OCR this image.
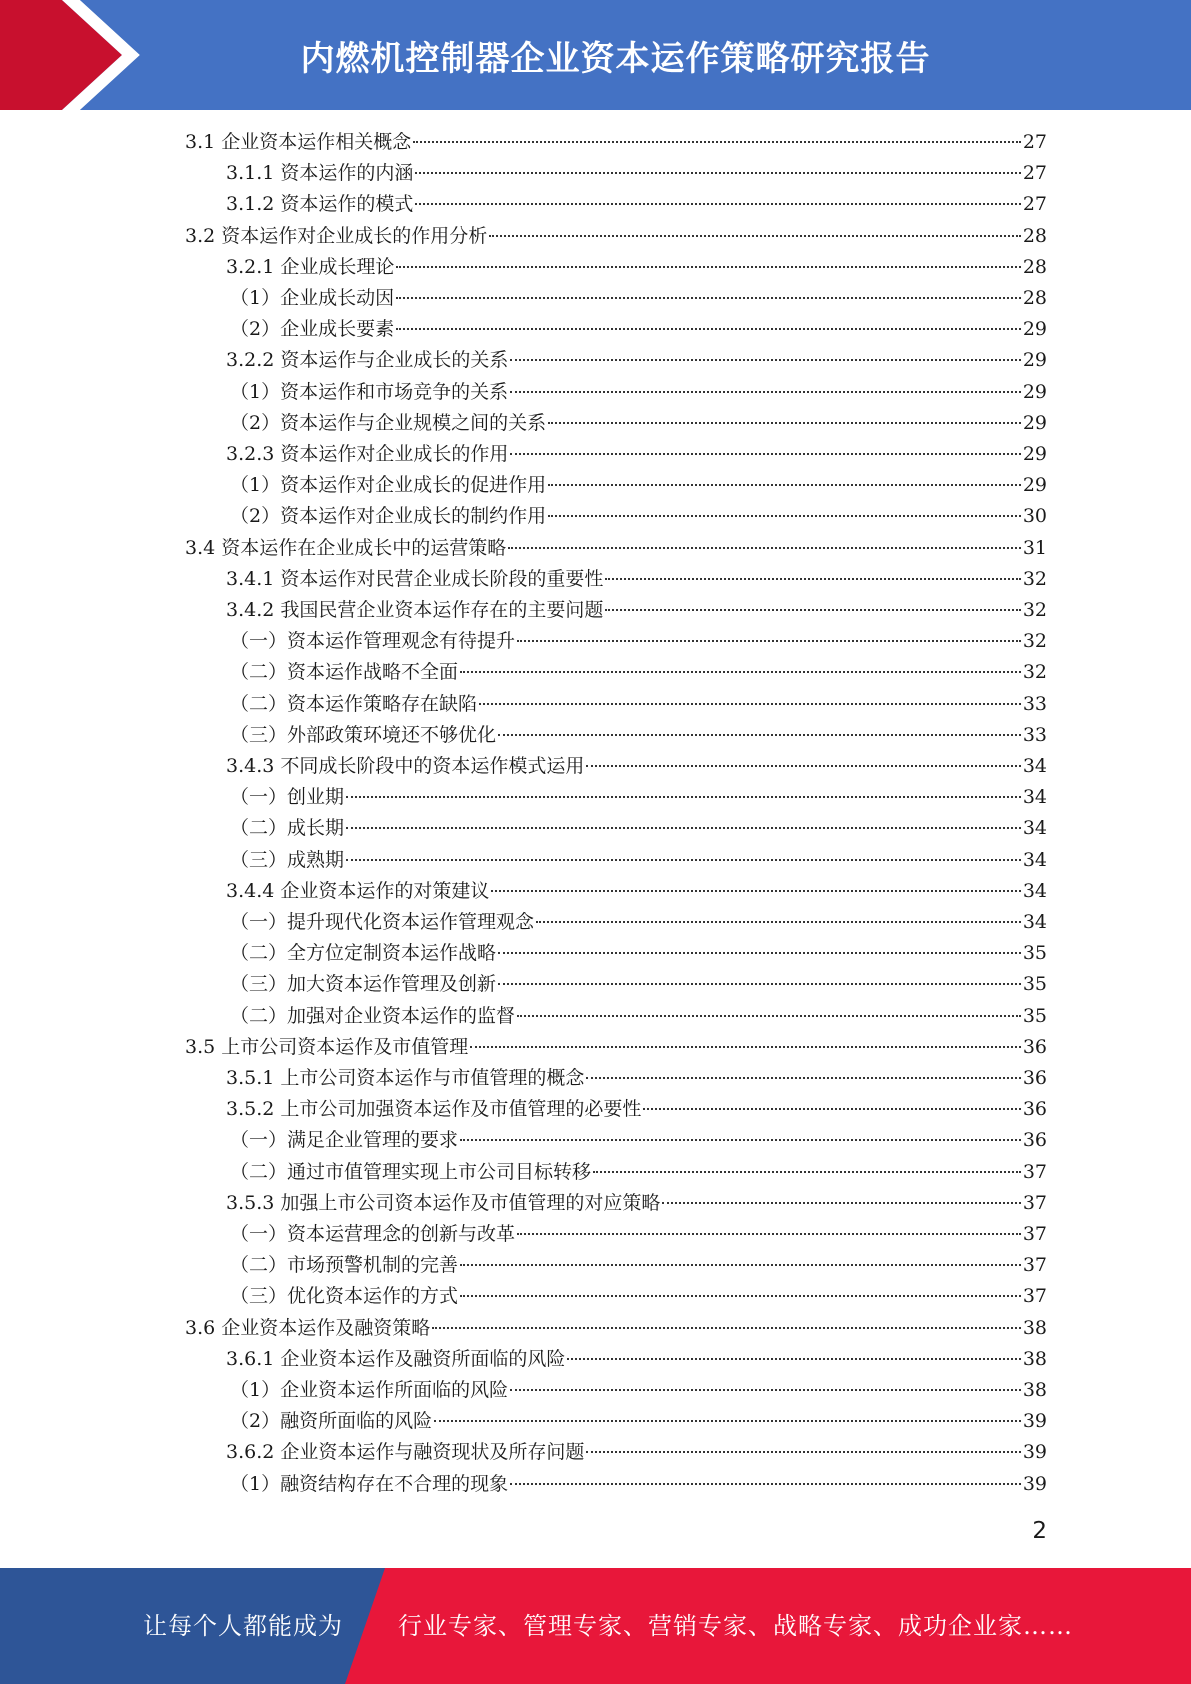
内燃机控制器企业资本运作策略研究报告
3.1 企业资本运作相关概念	27
3.1.1 资本运作的内涵	27
3.1.2 资本运作的模式	27
3.2 资本运作对企业成长的作用分析	28
3.2.1 企业成长理论	28
（1）企业成长动因	28
（2）企业成长要素	29
3.2.2 资本运作与企业成长的关系	29
（1）资本运作和市场竞争的关系	29
（2）资本运作与企业规模之间的关系	29
3.2.3 资本运作对企业成长的作用	29
（1）资本运作对企业成长的促进作用	29
（2）资本运作对企业成长的制约作用	30
3.4 资本运作在企业成长中的运营策略	31
3.4.1 资本运作对民营企业成长阶段的重要性	32
3.4.2 我国民营企业资本运作存在的主要问题	32
（一）资本运作管理观念有待提升	32
（二）资本运作战略不全面	32
（二）资本运作策略存在缺陷	33
（三）外部政策环境还不够优化	33
3.4.3 不同成长阶段中的资本运作模式运用	34
（一）创业期	34
（二）成长期	34
（三）成熟期	34
3.4.4 企业资本运作的对策建议	34
（一）提升现代化资本运作管理观念	34
（二）全方位定制资本运作战略	35
（三）加大资本运作管理及创新	35
（二）加强对企业资本运作的监督	35
3.5 上市公司资本运作及市值管理	36
3.5.1 上市公司资本运作与市值管理的概念	36
3.5.2 上市公司加强资本运作及市值管理的必要性	36
（一）满足企业管理的要求	36
（二）通过市值管理实现上市公司目标转移	37
3.5.3 加强上市公司资本运作及市值管理的对应策略	37
（一）资本运营理念的创新与改革	37
（二）市场预警机制的完善	37
（三）优化资本运作的方式	37
3.6 企业资本运作及融资策略	38
3.6.1 企业资本运作及融资所面临的风险	38
（1）企业资本运作所面临的风险	38
（2）融资所面临的风险	39
3.6.2 企业资本运作与融资现状及所存问题	39
（1）融资结构存在不合理的现象	39
2
让每个人都能成为 行业专家、管理专家、营销专家、战略专家、成功企业家……
